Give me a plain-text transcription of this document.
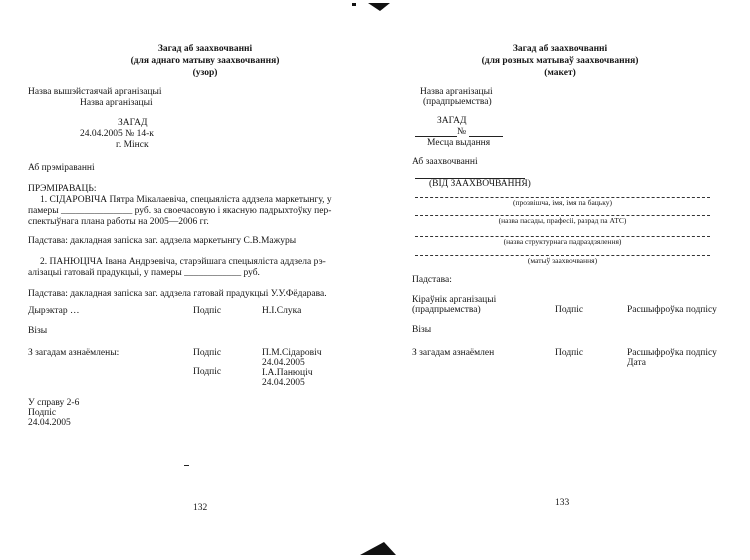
Загад аб заахвочванні
(для аднаго матыву заахвочвання)
(узор)
Назва вышэйстаячай арганізацыі
Назва арганізацыі
ЗАГАД
24.04.2005 № 14-к
г. Мінск
Аб прэміраванні
ПРЭМІРАВАЦЬ:
1. СІДАРОВІЧА Пятра Мікалаевіча, спецыяліста аддзела маркетынгу, у
памеры _______________ руб. за своечасовую і якасную падрыхтоўку пер-
спектыўнага плана работы на 2005—2006 гг.
Падстава: дакладная запіска заг. аддзела маркетынгу С.В.Мажуры
2. ПАНЮЦІЧА Івана Андрэевіча, старэйшага спецыяліста аддзела рэ-
алізацыі гатовай прадукцыі, у памеры ____________ руб.
Падстава: дакладная запіска заг. аддзела гатовай прадукцыі У.У.Фёдарава.
Дырэктар …	Подпіс	Н.І.Слука
Візы
З загадам азнаёмлены:	Подпіс	П.М.Сідаровіч
24.04.2005
Подпіс	І.А.Панюціч
24.04.2005
У справу 2-6
Подпіс
24.04.2005
132
Загад аб заахвочванні
(для розных матываў заахвочвання)
(макет)
Назва арганізацыі
(прадпрыемства)
ЗАГАД
№
Месца выдання
Аб заахвочванні
(ВІД ЗААХВОЧВАННЯ)
(прозвішча, імя, імя па бацьку)
(назва пасады, прафесіі, разрад па АТС)
(назва структурнага падраздзялення)
(матыў заахвочвання)
Падстава:
Кіраўнік арганізацыі
(прадпрыемства)	Подпіс	Расшыфроўка подпісу
Візы
З загадам азнаёмлен	Подпіс	Расшыфроўка подпісу
Дата
133
